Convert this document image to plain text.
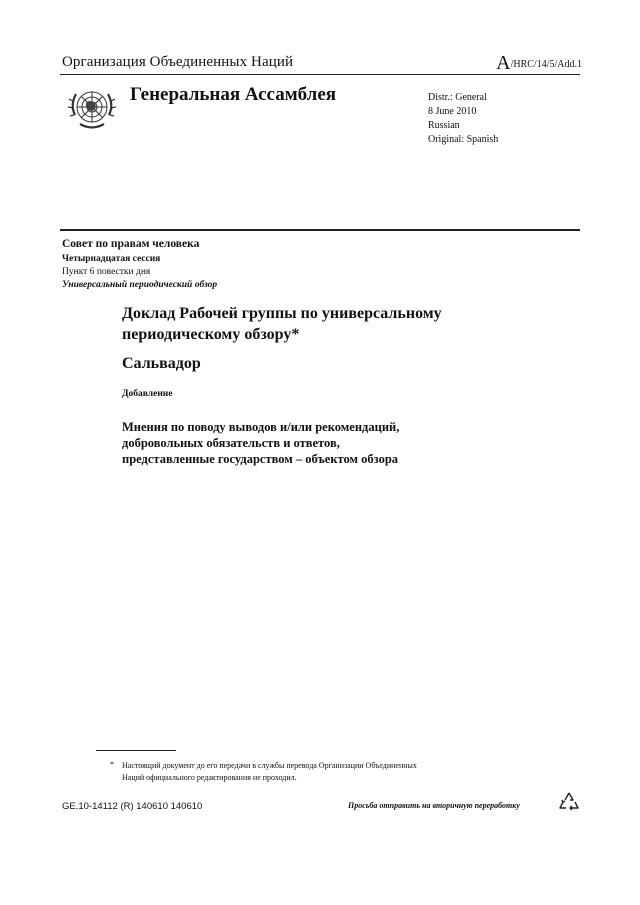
Организация Объединенных Наций	A/HRC/14/5/Add.1
Генеральная Ассамблея	Distr.: General
8 June 2010
Russian
Original: Spanish
Совет по правам человека
Четырнадцатая сессия
Пункт 6 повестки дня
Универсальный периодический обзор
Доклад Рабочей группы по универсальному
периодическому обзору*
Сальвадор
Добавление
Мнения по поводу выводов и/или рекомендаций,
добровольных обязательств и ответов,
представленные государством – объектом обзора
* Настоящий документ до его передачи в службы перевода Организации Объединенных
Наций официального редактирования не проходил.
GE.10-14112 (R) 140610 140610	Просьба отправить на вторичную переработку
